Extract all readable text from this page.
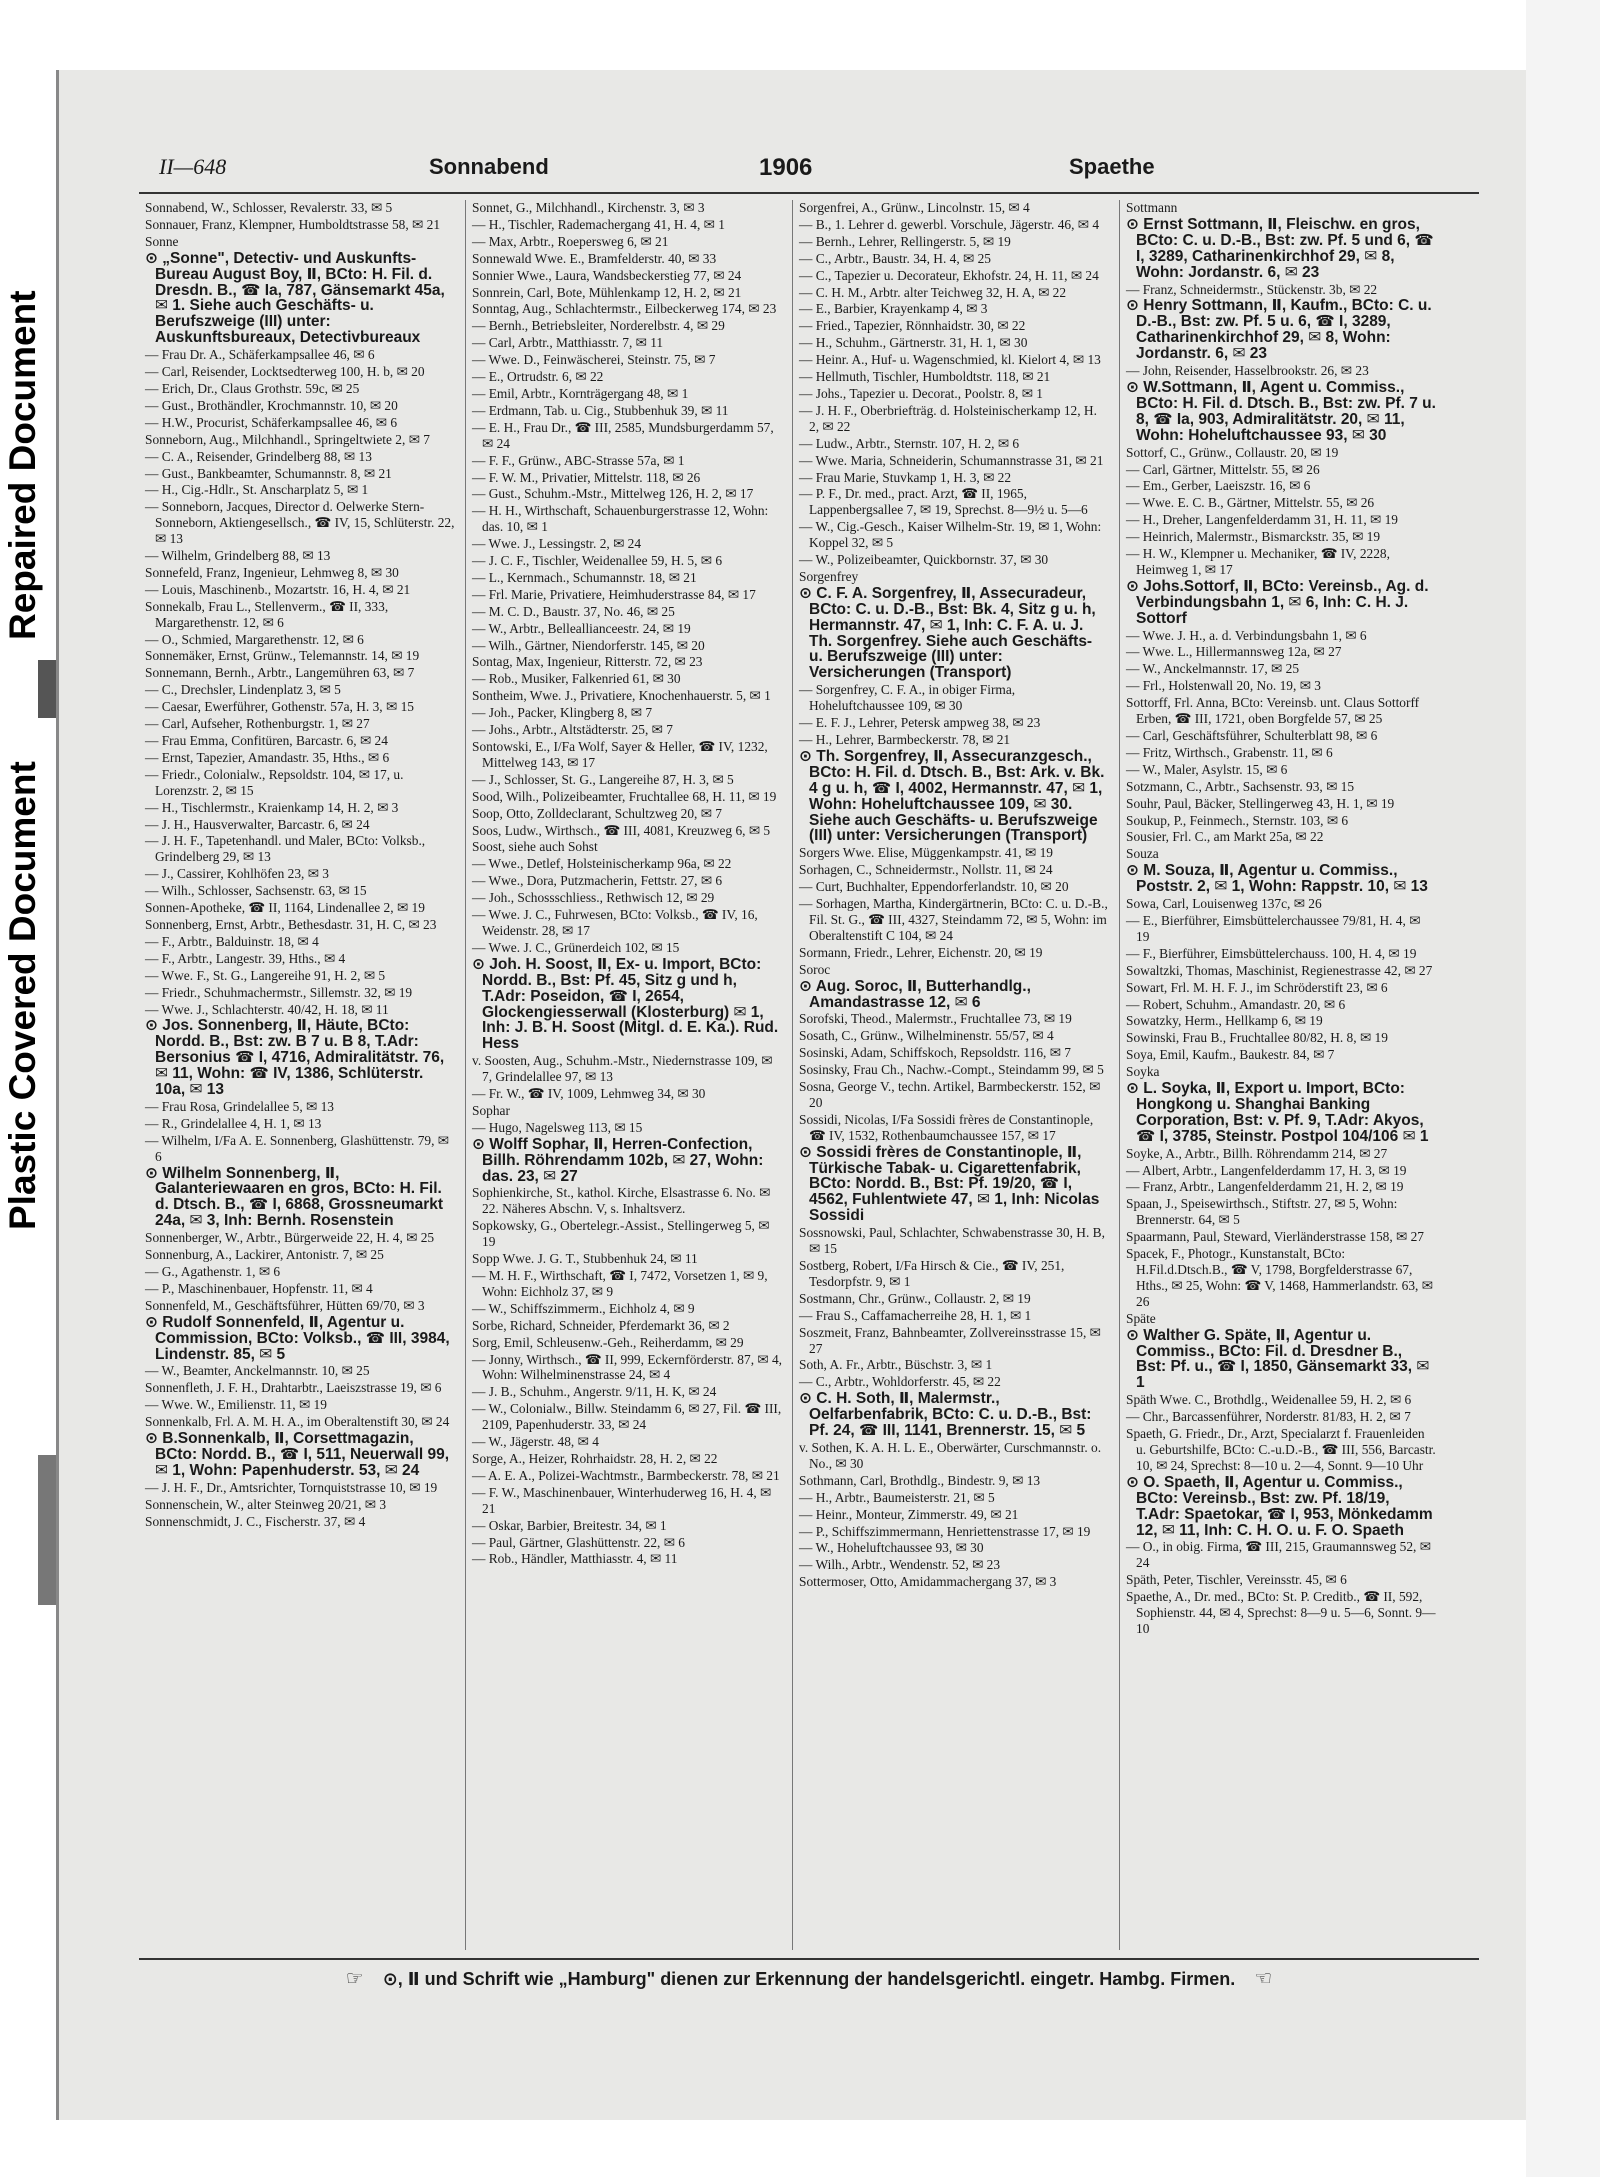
Repaired Document
Plastic Covered Document
II—648	Sonnabend	1906	Spaethe
Sonnabend, W., Schlosser, Revalerstr. 33, ✉ 5
Sonnauer, Franz, Klempner, Humboldtstrasse 58, ✉ 21
Sonne
⊙ „Sonne", Detectiv- und Auskunfts-Bureau August Boy, Ⅱ, BCto: H. Fil. d. Dresdn. B., ☎ Ia, 787, Gänsemarkt 45a, ✉ 1. Siehe auch Geschäfts- u. Berufszweige (III) unter: Auskunftsbureaux, Detectivbureaux
— Frau Dr. A., Schäferkampsallee 46, ✉ 6
— Carl, Reisender, Locktsedterweg 100, H. b, ✉ 20
— Erich, Dr., Claus Grothstr. 59c, ✉ 25
— Gust., Brothändler, Krochmannstr. 10, ✉ 20
— H.W., Procurist, Schäferkampsallee 46, ✉ 6
Sonneborn, Aug., Milchhandl., Springeltwiete 2, ✉ 7
— C. A., Reisender, Grindelberg 88, ✉ 13
— Gust., Bankbeamter, Schumannstr. 8, ✉ 21
— H., Cig.-Hdlr., St. Anscharplatz 5, ✉ 1
— Sonneborn, Jacques, Director d. Oelwerke Stern-Sonneborn, Aktiengesellsch., ☎ IV, 15, Schlüterstr. 22, ✉ 13
— Wilhelm, Grindelberg 88, ✉ 13
Sonnefeld, Franz, Ingenieur, Lehmweg 8, ✉ 30
— Louis, Maschinenb., Mozartstr. 16, H. 4, ✉ 21
Sonnekalb, Frau L., Stellenverm., ☎ II, 333, Margarethenstr. 12, ✉ 6
— O., Schmied, Margarethenstr. 12, ✉ 6
Sonnemäker, Ernst, Grünw., Telemannstr. 14, ✉ 19
Sonnemann, Bernh., Arbtr., Langemühren 63, ✉ 7
— C., Drechsler, Lindenplatz 3, ✉ 5
— Caesar, Ewerführer, Gothenstr. 57a, H. 3, ✉ 15
— Carl, Aufseher, Rothenburgstr. 1, ✉ 27
— Frau Emma, Confitüren, Barcastr. 6, ✉ 24
— Ernst, Tapezier, Amandastr. 35, Hths., ✉ 6
— Friedr., Colonialw., Repsoldstr. 104, ✉ 17, u. Lorenzstr. 2, ✉ 15
— H., Tischlermstr., Kraienkamp 14, H. 2, ✉ 3
— J. H., Hausverwalter, Barcastr. 6, ✉ 24
— J. H. F., Tapetenhandl. und Maler, BCto: Volksb., Grindelberg 29, ✉ 13
— J., Cassirer, Kohlhöfen 23, ✉ 3
— Wilh., Schlosser, Sachsenstr. 63, ✉ 15
Sonnen-Apotheke, ☎ II, 1164, Lindenallee 2, ✉ 19
Sonnenberg, Ernst, Arbtr., Bethesdastr. 31, H. C, ✉ 23
— F., Arbtr., Balduinstr. 18, ✉ 4
— F., Arbtr., Langestr. 39, Hths., ✉ 4
— Wwe. F., St. G., Langereihe 91, H. 2, ✉ 5
— Friedr., Schuhmachermstr., Sillemstr. 32, ✉ 19
— Wwe. J., Schlachterstr. 40/42, H. 18, ✉ 11
⊙ Jos. Sonnenberg, Ⅱ, Häute, BCto: Nordd. B., Bst: zw. B 7 u. B 8, T.Adr: Bersonius ☎ I, 4716, Admiralitätstr. 76, ✉ 11, Wohn: ☎ IV, 1386, Schlüterstr. 10a, ✉ 13
— Frau Rosa, Grindelallee 5, ✉ 13
— R., Grindelallee 4, H. 1, ✉ 13
— Wilhelm, I/Fa A. E. Sonnenberg, Glashüttenstr. 79, ✉ 6
⊙ Wilhelm Sonnenberg, Ⅱ, Galanteriewaaren en gros, BCto: H. Fil. d. Dtsch. B., ☎ I, 6868, Grossneumarkt 24a, ✉ 3, Inh: Bernh. Rosenstein
Sonnenberger, W., Arbtr., Bürgerweide 22, H. 4, ✉ 25
Sonnenburg, A., Lackirer, Antonistr. 7, ✉ 25
— G., Agathenstr. 1, ✉ 6
— P., Maschinenbauer, Hopfenstr. 11, ✉ 4
Sonnenfeld, M., Geschäftsführer, Hütten 69/70, ✉ 3
⊙ Rudolf Sonnenfeld, Ⅱ, Agentur u. Commission, BCto: Volksb., ☎ III, 3984, Lindenstr. 85, ✉ 5
— W., Beamter, Anckelmannstr. 10, ✉ 25
Sonnenfleth, J. F. H., Drahtarbtr., Laeiszstrasse 19, ✉ 6
— Wwe. W., Emilienstr. 11, ✉ 19
Sonnenkalb, Frl. A. M. H. A., im Oberaltenstift 30, ✉ 24
⊙ B.Sonnenkalb, Ⅱ, Corsettmagazin, BCto: Nordd. B., ☎ I, 511, Neuerwall 99, ✉ 1, Wohn: Papenhuderstr. 53, ✉ 24
— J. H. F., Dr., Amtsrichter, Tornquiststrasse 10, ✉ 19
Sonnenschein, W., alter Steinweg 20/21, ✉ 3
Sonnenschmidt, J. C., Fischerstr. 37, ✉ 4
Sonnet, G., Milchhandl., Kirchenstr. 3, ✉ 3
— H., Tischler, Rademachergang 41, H. 4, ✉ 1
— Max, Arbtr., Roepersweg 6, ✉ 21
Sonnewald Wwe. E., Bramfelderstr. 40, ✉ 33
Sonnier Wwe., Laura, Wandsbeckerstieg 77, ✉ 24
Sonnrein, Carl, Bote, Mühlenkamp 12, H. 2, ✉ 21
Sonntag, Aug., Schlachtermstr., Eilbeckerweg 174, ✉ 23
— Bernh., Betriebsleiter, Norderelbstr. 4, ✉ 29
— Carl, Arbtr., Matthiasstr. 7, ✉ 11
— Wwe. D., Feinwäscherei, Steinstr. 75, ✉ 7
— E., Ortrudstr. 6, ✉ 22
— Emil, Arbtr., Kornträgergang 48, ✉ 1
— Erdmann, Tab. u. Cig., Stubbenhuk 39, ✉ 11
— E. H., Frau Dr., ☎ III, 2585, Mundsburgerdamm 57, ✉ 24
— F. F., Grünw., ABC-Strasse 57a, ✉ 1
— F. W. M., Privatier, Mittelstr. 118, ✉ 26
— Gust., Schuhm.-Mstr., Mittelweg 126, H. 2, ✉ 17
— H. H., Wirthschaft, Schauenburgerstrasse 12, Wohn: das. 10, ✉ 1
— Wwe. J., Lessingstr. 2, ✉ 24
— J. C. F., Tischler, Weidenallee 59, H. 5, ✉ 6
— L., Kernmach., Schumannstr. 18, ✉ 21
— Frl. Marie, Privatiere, Heimhuderstrasse 84, ✉ 17
— M. C. D., Baustr. 37, No. 46, ✉ 25
— W., Arbtr., Belleallianceestr. 24, ✉ 19
— Wilh., Gärtner, Niendorferstr. 145, ✉ 20
Sontag, Max, Ingenieur, Ritterstr. 72, ✉ 23
— Rob., Musiker, Falkenried 61, ✉ 30
Sontheim, Wwe. J., Privatiere, Knochenhauerstr. 5, ✉ 1
— Joh., Packer, Klingberg 8, ✉ 7
— Johs., Arbtr., Altstädterstr. 25, ✉ 7
Sontowski, E., I/Fa Wolf, Sayer & Heller, ☎ IV, 1232, Mittelweg 143, ✉ 17
— J., Schlosser, St. G., Langereihe 87, H. 3, ✉ 5
Sood, Wilh., Polizeibeamter, Fruchtallee 68, H. 11, ✉ 19
Soop, Otto, Zolldeclarant, Schultzweg 20, ✉ 7
Soos, Ludw., Wirthsch., ☎ III, 4081, Kreuzweg 6, ✉ 5
Soost, siehe auch Sohst
— Wwe., Detlef, Holsteinischerkamp 96a, ✉ 22
— Wwe., Dora, Putzmacherin, Fettstr. 27, ✉ 6
— Joh., Schossschliess., Rethwisch 12, ✉ 29
— Wwe. J. C., Fuhrwesen, BCto: Volksb., ☎ IV, 16, Weidenstr. 28, ✉ 17
— Wwe. J. C., Grünerdeich 102, ✉ 15
⊙ Joh. H. Soost, Ⅱ, Ex- u. Import, BCto: Nordd. B., Bst: Pf. 45, Sitz g und h, T.Adr: Poseidon, ☎ I, 2654, Glockengiesserwall (Klosterburg) ✉ 1, Inh: J. B. H. Soost (Mitgl. d. E. Ka.). Rud. Hess
v. Soosten, Aug., Schuhm.-Mstr., Niedernstrasse 109, ✉ 7, Grindelallee 97, ✉ 13
— Fr. W., ☎ IV, 1009, Lehmweg 34, ✉ 30
Sophar
— Hugo, Nagelsweg 113, ✉ 15
⊙ Wolff Sophar, Ⅱ, Herren-Confection, Billh. Röhrendamm 102b, ✉ 27, Wohn: das. 23, ✉ 27
Sophienkirche, St., kathol. Kirche, Elsastrasse 6. No. ✉ 22. Näheres Abschn. V, s. Inhaltsverz.
Sopkowsky, G., Obertelegr.-Assist., Stellingerweg 5, ✉ 19
Sopp Wwe. J. G. T., Stubbenhuk 24, ✉ 11
— M. H. F., Wirthschaft, ☎ I, 7472, Vorsetzen 1, ✉ 9, Wohn: Eichholz 37, ✉ 9
— W., Schiffszimmerm., Eichholz 4, ✉ 9
Sorbe, Richard, Schneider, Pferdemarkt 36, ✉ 2
Sorg, Emil, Schleusenw.-Geh., Reiherdamm, ✉ 29
— Jonny, Wirthsch., ☎ II, 999, Eckernförderstr. 87, ✉ 4, Wohn: Wilhelminenstrasse 24, ✉ 4
— J. B., Schuhm., Angerstr. 9/11, H. K, ✉ 24
— W., Colonialw., Billw. Steindamm 6, ✉ 27, Fil. ☎ III, 2109, Papenhuderstr. 33, ✉ 24
— W., Jägerstr. 48, ✉ 4
Sorge, A., Heizer, Rohrhaidstr. 28, H. 2, ✉ 22
— A. E. A., Polizei-Wachtmstr., Barmbeckerstr. 78, ✉ 21
— F. W., Maschinenbauer, Winterhuderweg 16, H. 4, ✉ 21
— Oskar, Barbier, Breitestr. 34, ✉ 1
— Paul, Gärtner, Glashüttenstr. 22, ✉ 6
— Rob., Händler, Matthiasstr. 4, ✉ 11
Sorgenfrei, A., Grünw., Lincolnstr. 15, ✉ 4
— B., 1. Lehrer d. gewerbl. Vorschule, Jägerstr. 46, ✉ 4
— Bernh., Lehrer, Rellingerstr. 5, ✉ 19
— C., Arbtr., Baustr. 34, H. 4, ✉ 25
— C., Tapezier u. Decorateur, Ekhofstr. 24, H. 11, ✉ 24
— C. H. M., Arbtr. alter Teichweg 32, H. A, ✉ 22
— E., Barbier, Krayenkamp 4, ✉ 3
— Fried., Tapezier, Rönnhaidstr. 30, ✉ 22
— H., Schuhm., Gärtnerstr. 31, H. 1, ✉ 30
— Heinr. A., Huf- u. Wagenschmied, kl. Kielort 4, ✉ 13
— Hellmuth, Tischler, Humboldtstr. 118, ✉ 21
— Johs., Tapezier u. Decorat., Poolstr. 8, ✉ 1
— J. H. F., Oberbriefträg. d. Holsteinischerkamp 12, H. 2, ✉ 22
— Ludw., Arbtr., Sternstr. 107, H. 2, ✉ 6
— Wwe. Maria, Schneiderin, Schumannstrasse 31, ✉ 21
— Frau Marie, Stuvkamp 1, H. 3, ✉ 22
— P. F., Dr. med., pract. Arzt, ☎ II, 1965, Lappenbergsallee 7, ✉ 19, Sprechst. 8—9½ u. 5—6
— W., Cig.-Gesch., Kaiser Wilhelm-Str. 19, ✉ 1, Wohn: Koppel 32, ✉ 5
— W., Polizeibeamter, Quickbornstr. 37, ✉ 30
Sorgenfrey
⊙ C. F. A. Sorgenfrey, Ⅱ, Assecuradeur, BCto: C. u. D.-B., Bst: Bk. 4, Sitz g u. h, Hermannstr. 47, ✉ 1, Inh: C. F. A. u. J. Th. Sorgenfrey. Siehe auch Geschäfts- u. Berufszweige (III) unter: Versicherungen (Transport)
— Sorgenfrey, C. F. A., in obiger Firma, Hoheluftchaussee 109, ✉ 30
— E. F. J., Lehrer, Petersk ampweg 38, ✉ 23
— H., Lehrer, Barmbeckerstr. 78, ✉ 21
⊙ Th. Sorgenfrey, Ⅱ, Assecuranzgesch., BCto: H. Fil. d. Dtsch. B., Bst: Ark. v. Bk. 4 g u. h, ☎ I, 4002, Hermannstr. 47, ✉ 1, Wohn: Hoheluftchaussee 109, ✉ 30. Siehe auch Geschäfts- u. Berufszweige (III) unter: Versicherungen (Transport)
Sorgers Wwe. Elise, Müggenkampstr. 41, ✉ 19
Sorhagen, C., Schneidermstr., Nollstr. 11, ✉ 24
— Curt, Buchhalter, Eppendorferlandstr. 10, ✉ 20
— Sorhagen, Martha, Kindergärtnerin, BCto: C. u. D.-B., Fil. St. G., ☎ III, 4327, Steindamm 72, ✉ 5, Wohn: im Oberaltenstift C 104, ✉ 24
Sormann, Friedr., Lehrer, Eichenstr. 20, ✉ 19
Soroc
⊙ Aug. Soroc, Ⅱ, Butterhandlg., Amandastrasse 12, ✉ 6
Sorofski, Theod., Malermstr., Fruchtallee 73, ✉ 19
Sosath, C., Grünw., Wilhelminenstr. 55/57, ✉ 4
Sosinski, Adam, Schiffskoch, Repsoldstr. 116, ✉ 7
Sosinsky, Frau Ch., Nachw.-Compt., Steindamm 99, ✉ 5
Sosna, George V., techn. Artikel, Barmbeckerstr. 152, ✉ 20
Sossidi, Nicolas, I/Fa Sossidi frères de Constantinople, ☎ IV, 1532, Rothenbaumchaussee 157, ✉ 17
⊙ Sossidi frères de Constantinople, Ⅱ, Türkische Tabak- u. Cigarettenfabrik, BCto: Nordd. B., Bst: Pf. 19/20, ☎ I, 4562, Fuhlentwiete 47, ✉ 1, Inh: Nicolas Sossidi
Sossnowski, Paul, Schlachter, Schwabenstrasse 30, H. B, ✉ 15
Sostberg, Robert, I/Fa Hirsch & Cie., ☎ IV, 251, Tesdorpfstr. 9, ✉ 1
Sostmann, Chr., Grünw., Collaustr. 2, ✉ 19
— Frau S., Caffamacherreihe 28, H. 1, ✉ 1
Soszmeit, Franz, Bahnbeamter, Zollvereinsstrasse 15, ✉ 27
Soth, A. Fr., Arbtr., Büschstr. 3, ✉ 1
— C., Arbtr., Wohldorferstr. 45, ✉ 22
⊙ C. H. Soth, Ⅱ, Malermstr., Oelfarbenfabrik, BCto: C. u. D.-B., Bst: Pf. 24, ☎ III, 1141, Brennerstr. 15, ✉ 5
v. Sothen, K. A. H. L. E., Oberwärter, Curschmannstr. o. No., ✉ 30
Sothmann, Carl, Brothdlg., Bindestr. 9, ✉ 13
— H., Arbtr., Baumeisterstr. 21, ✉ 5
— Heinr., Monteur, Zimmerstr. 49, ✉ 21
— P., Schiffszimmermann, Henriettenstrasse 17, ✉ 19
— W., Hoheluftchaussee 93, ✉ 30
— Wilh., Arbtr., Wendenstr. 52, ✉ 23
Sottermoser, Otto, Amidammachergang 37, ✉ 3
Sottmann
⊙ Ernst Sottmann, Ⅱ, Fleischw. en gros, BCto: C. u. D.-B., Bst: zw. Pf. 5 und 6, ☎ I, 3289, Catharinenkirchhof 29, ✉ 8, Wohn: Jordanstr. 6, ✉ 23
— Franz, Schneidermstr., Stückenstr. 3b, ✉ 22
⊙ Henry Sottmann, Ⅱ, Kaufm., BCto: C. u. D.-B., Bst: zw. Pf. 5 u. 6, ☎ I, 3289, Catharinenkirchhof 29, ✉ 8, Wohn: Jordanstr. 6, ✉ 23
— John, Reisender, Hasselbrookstr. 26, ✉ 23
⊙ W.Sottmann, Ⅱ, Agent u. Commiss., BCto: H. Fil. d. Dtsch. B., Bst: zw. Pf. 7 u. 8, ☎ Ia, 903, Admiralitätstr. 20, ✉ 11, Wohn: Hoheluftchaussee 93, ✉ 30
Sottorf, C., Grünw., Collaustr. 20, ✉ 19
— Carl, Gärtner, Mittelstr. 55, ✉ 26
— Em., Gerber, Laeiszstr. 16, ✉ 6
— Wwe. E. C. B., Gärtner, Mittelstr. 55, ✉ 26
— H., Dreher, Langenfelderdamm 31, H. 11, ✉ 19
— Heinrich, Malermstr., Bismarckstr. 35, ✉ 19
— H. W., Klempner u. Mechaniker, ☎ IV, 2228, Heimweg 1, ✉ 17
⊙ Johs.Sottorf, Ⅱ, BCto: Vereinsb., Ag. d. Verbindungsbahn 1, ✉ 6, Inh: C. H. J. Sottorf
— Wwe. J. H., a. d. Verbindungsbahn 1, ✉ 6
— Wwe. L., Hillermannsweg 12a, ✉ 27
— W., Anckelmannstr. 17, ✉ 25
— Frl., Holstenwall 20, No. 19, ✉ 3
Sottorff, Frl. Anna, BCto: Vereinsb. unt. Claus Sottorff Erben, ☎ III, 1721, oben Borgfelde 57, ✉ 25
— Carl, Geschäftsführer, Schulterblatt 98, ✉ 6
— Fritz, Wirthsch., Grabenstr. 11, ✉ 6
— W., Maler, Asylstr. 15, ✉ 6
Sotzmann, C., Arbtr., Sachsenstr. 93, ✉ 15
Souhr, Paul, Bäcker, Stellingerweg 43, H. 1, ✉ 19
Soukup, P., Feinmech., Sternstr. 103, ✉ 6
Sousier, Frl. C., am Markt 25a, ✉ 22
Souza
⊙ M. Souza, Ⅱ, Agentur u. Commiss., Poststr. 2, ✉ 1, Wohn: Rappstr. 10, ✉ 13
Sowa, Carl, Louisenweg 137c, ✉ 26
— E., Bierführer, Eimsbüttelerchaussee 79/81, H. 4, ✉ 19
— F., Bierführer, Eimsbüttelerchauss. 100, H. 4, ✉ 19
Sowaltzki, Thomas, Maschinist, Regienestrasse 42, ✉ 27
Sowart, Frl. M. H. F. J., im Schröderstift 23, ✉ 6
— Robert, Schuhm., Amandastr. 20, ✉ 6
Sowatzky, Herm., Hellkamp 6, ✉ 19
Sowinski, Frau B., Fruchtallee 80/82, H. 8, ✉ 19
Soya, Emil, Kaufm., Baukestr. 84, ✉ 7
Soyka
⊙ L. Soyka, Ⅱ, Export u. Import, BCto: Hongkong u. Shanghai Banking Corporation, Bst: v. Pf. 9, T.Adr: Akyos, ☎ I, 3785, Steinstr. Postpol 104/106 ✉ 1
Soyke, A., Arbtr., Billh. Röhrendamm 214, ✉ 27
— Albert, Arbtr., Langenfelderdamm 17, H. 3, ✉ 19
— Franz, Arbtr., Langenfelderdamm 21, H. 2, ✉ 19
Spaan, J., Speisewirthsch., Stiftstr. 27, ✉ 5, Wohn: Brennerstr. 64, ✉ 5
Spaarmann, Paul, Steward, Vierländerstrasse 158, ✉ 27
Spacek, F., Photogr., Kunstanstalt, BCto: H.Fil.d.Dtsch.B., ☎ V, 1798, Borgfelderstrasse 67, Hths., ✉ 25, Wohn: ☎ V, 1468, Hammerlandstr. 63, ✉ 26
Späte
⊙ Walther G. Späte, Ⅱ, Agentur u. Commiss., BCto: Fil. d. Dresdner B., Bst: Pf. u., ☎ I, 1850, Gänsemarkt 33, ✉ 1
Späth Wwe. C., Brothdlg., Weidenallee 59, H. 2, ✉ 6
— Chr., Barcassenführer, Norderstr. 81/83, H. 2, ✉ 7
Spaeth, G. Friedr., Dr., Arzt, Specialarzt f. Frauenleiden u. Geburtshilfe, BCto: C.-u.D.-B., ☎ III, 556, Barcastr. 10, ✉ 24, Sprechst: 8—10 u. 2—4, Sonnt. 9—10 Uhr
⊙ O. Spaeth, Ⅱ, Agentur u. Commiss., BCto: Vereinsb., Bst: zw. Pf. 18/19, T.Adr: Spaetokar, ☎ I, 953, Mönkedamm 12, ✉ 11, Inh: C. H. O. u. F. O. Spaeth
— O., in obig. Firma, ☎ III, 215, Graumannsweg 52, ✉ 24
Späth, Peter, Tischler, Vereinsstr. 45, ✉ 6
Spaethe, A., Dr. med., BCto: St. P. Creditb., ☎ II, 592, Sophienstr. 44, ✉ 4, Sprechst: 8—9 u. 5—6, Sonnt. 9—10
☞ ⊙, Ⅱ und Schrift wie „Hamburg" dienen zur Erkennung der handelsgerichtl. eingetr. Hambg. Firmen. ☜
